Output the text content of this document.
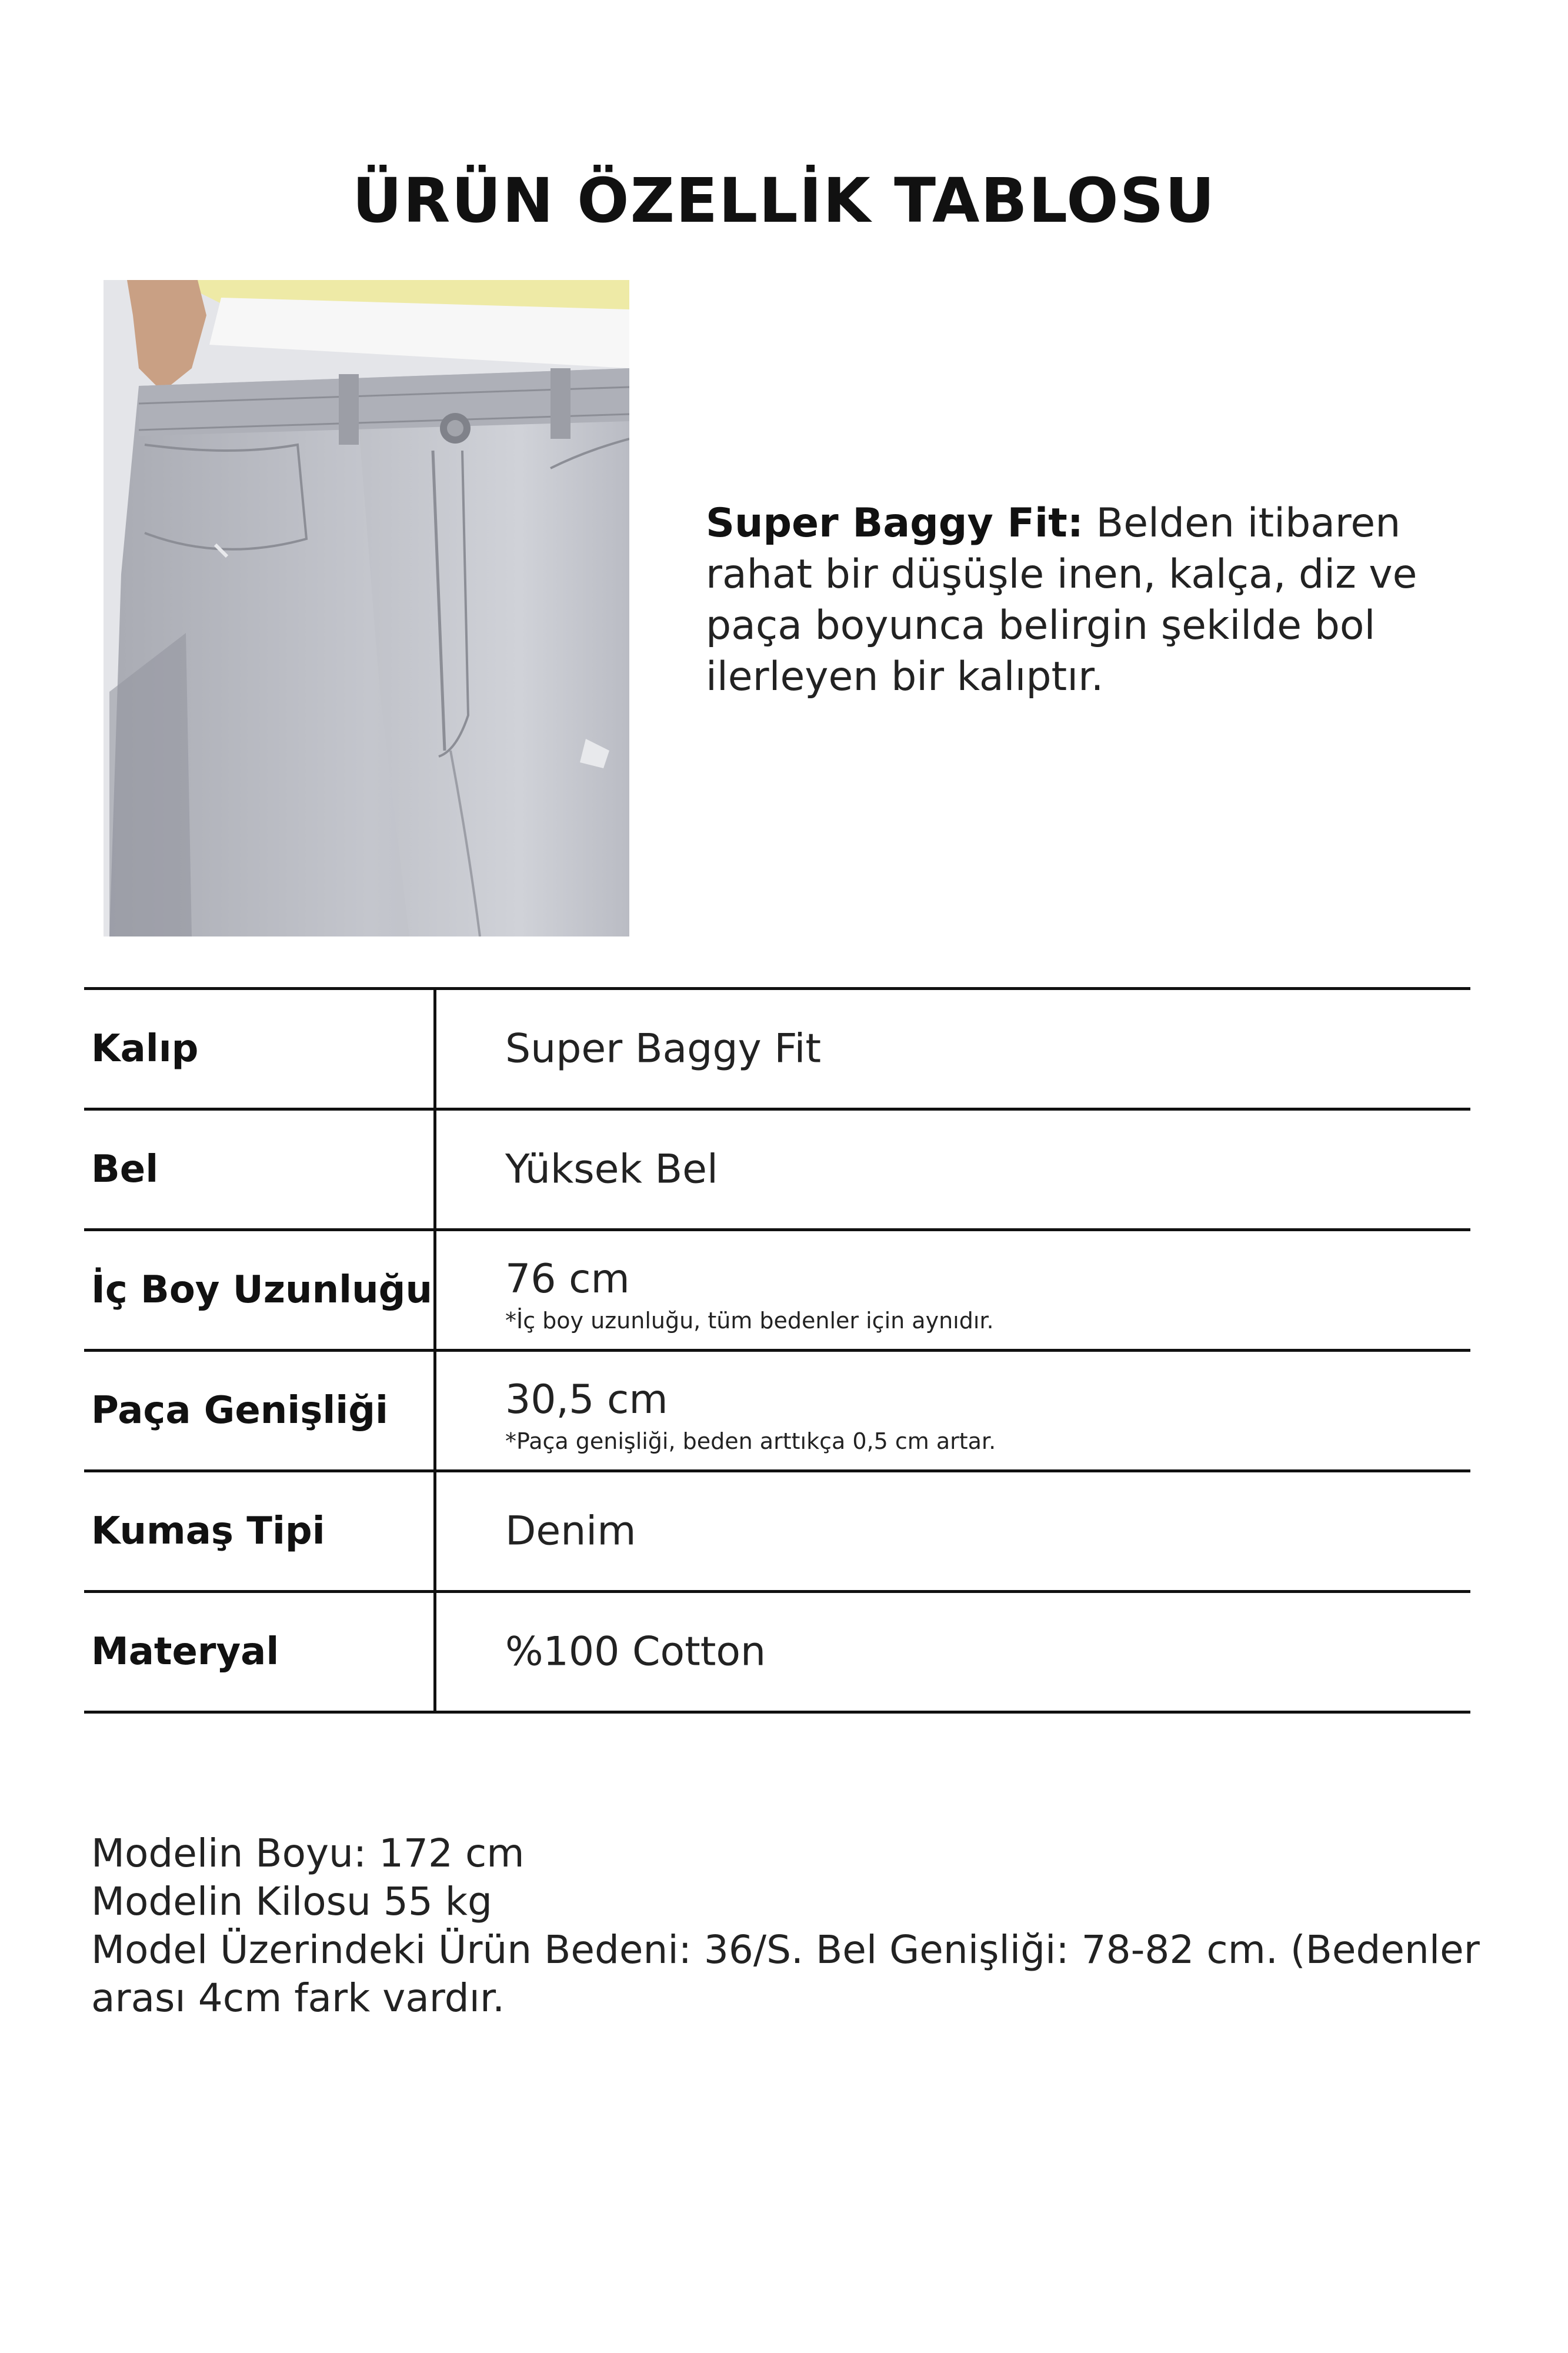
ÜRÜN ÖZELLİK TABLOSU
Super Baggy Fit: Belden itibaren rahat bir düşüşle inen, kalça, diz ve paça boyunca belirgin şekilde bol ilerleyen bir kalıptır.
Kalıp	Super Baggy Fit
Bel	Yüksek Bel
İç Boy Uzunluğu 76 cm
*İç boy uzunluğu, tüm bedenler için aynıdır.
Paça Genişliği	30,5 cm
*Paça genişliği, beden arttıkça 0,5 cm artar.
Kumaş Tipi	Denim
Materyal	%100 Cotton
Modelin Boyu: 172 cm
Modelin Kilosu 55 kg
Model Üzerindeki Ürün Bedeni: 36/S. Bel Genişliği: 78-82 cm. (Bedenler arası 4cm fark vardır.
